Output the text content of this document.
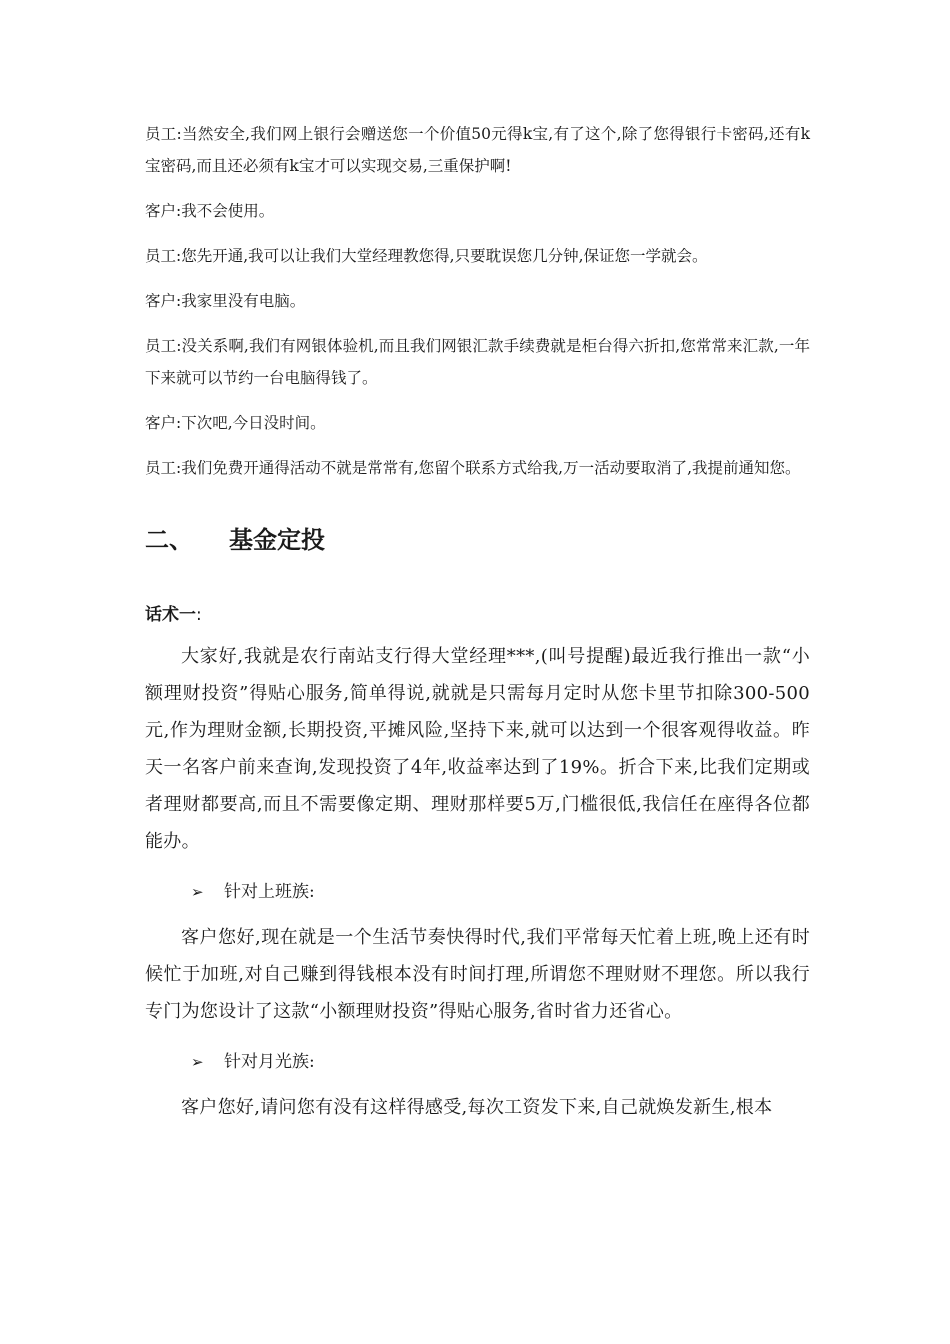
员工:当然安全,我们网上银行会赠送您一个价值50元得k宝,有了这个,除了您得银行卡密码,还有k宝密码,而且还必须有k宝才可以实现交易,三重保护啊!

客户:我不会使用。

员工:您先开通,我可以让我们大堂经理教您得,只要耽误您几分钟,保证您一学就会。

客户:我家里没有电脑。

员工:没关系啊,我们有网银体验机,而且我们网银汇款手续费就是柜台得六折扣,您常常来汇款,一年下来就可以节约一台电脑得钱了。

客户:下次吧,今日没时间。

员工:我们免费开通得活动不就是常常有,您留个联系方式给我,万一活动要取消了,我提前通知您。

二、 基金定投
话术一:

大家好,我就是农行南站支行得大堂经理***,(叫号提醒)最近我行推出一款“小额理财投资”得贴心服务,简单得说,就就是只需每月定时从您卡里节扣除300-500元,作为理财金额,长期投资,平摊风险,坚持下来,就可以达到一个很客观得收益。昨天一名客户前来查询,发现投资了4年,收益率达到了19%。折合下来,比我们定期或者理财都要高,而且不需要像定期、理财那样要5万,门槛很低,我信任在座得各位都能办。

➢	针对上班族:

客户您好,现在就是一个生活节奏快得时代,我们平常每天忙着上班,晚上还有时候忙于加班,对自己赚到得钱根本没有时间打理,所谓您不理财财不理您。所以我行专门为您设计了这款“小额理财投资”得贴心服务,省时省力还省心。

➢	针对月光族:

客户您好,请问您有没有这样得感受,每次工资发下来,自己就焕发新生,根本
